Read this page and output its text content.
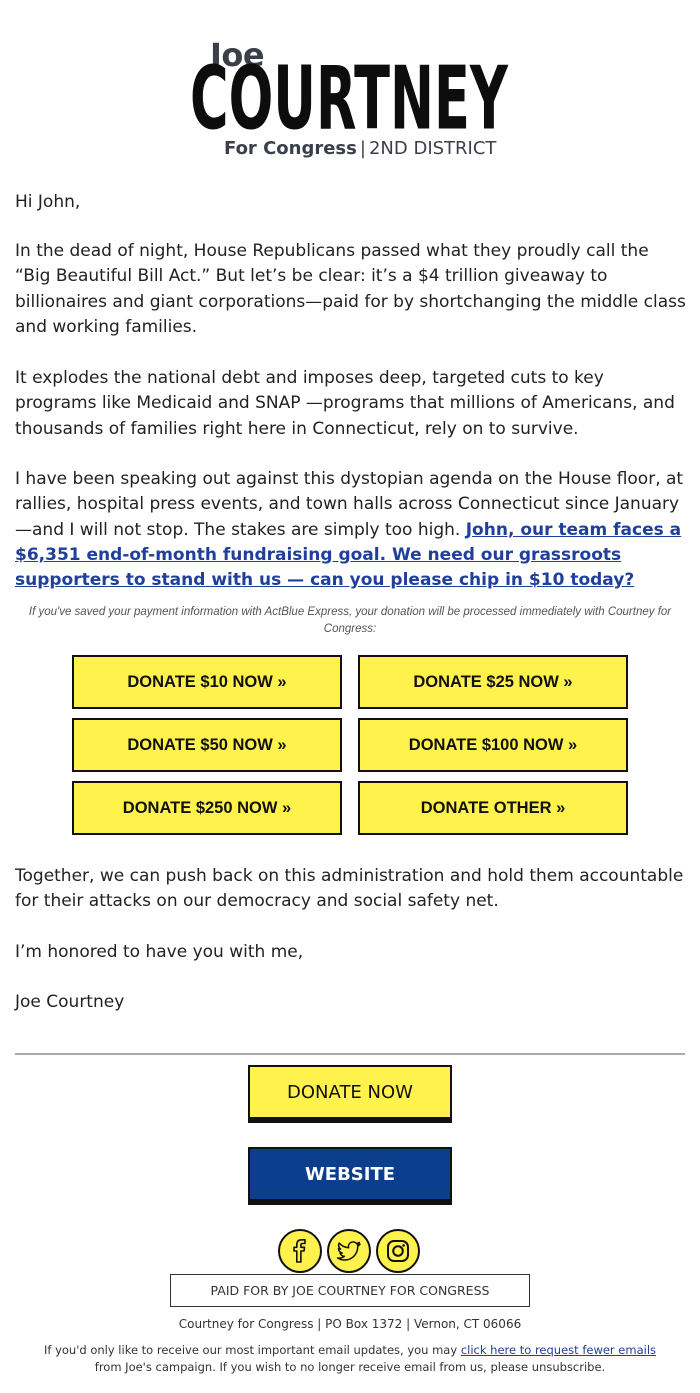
Joe
COURTNEY
For Congress | 2ND DISTRICT
Hi John,
In the dead of night, House Republicans passed what they proudly call the “Big Beautiful Bill Act.” But let’s be clear: it’s a $4 trillion giveaway to billionaires and giant corporations—paid for by shortchanging the middle class and working families.
It explodes the national debt and imposes deep, targeted cuts to key programs like Medicaid and SNAP —programs that millions of Americans, and thousands of families right here in Connecticut, rely on to survive.
I have been speaking out against this dystopian agenda on the House floor, at rallies, hospital press events, and town halls across Connecticut since January—and I will not stop. The stakes are simply too high. John, our team faces a $6,351 end-of-month fundraising goal. We need our grassroots supporters to stand with us — can you please chip in $10 today?
If you've saved your payment information with ActBlue Express, your donation will be processed immediately with Courtney for Congress:
DONATE $10 NOW »	DONATE $25 NOW »
DONATE $50 NOW »	DONATE $100 NOW »
DONATE $250 NOW »	DONATE OTHER »
Together, we can push back on this administration and hold them accountable for their attacks on our democracy and social safety net.
I’m honored to have you with me,
Joe Courtney
DONATE NOW
WEBSITE
PAID FOR BY JOE COURTNEY FOR CONGRESS
Courtney for Congress | PO Box 1372 | Vernon, CT 06066
If you'd only like to receive our most important email updates, you may click here to request fewer emails from Joe's campaign. If you wish to no longer receive email from us, please unsubscribe.
